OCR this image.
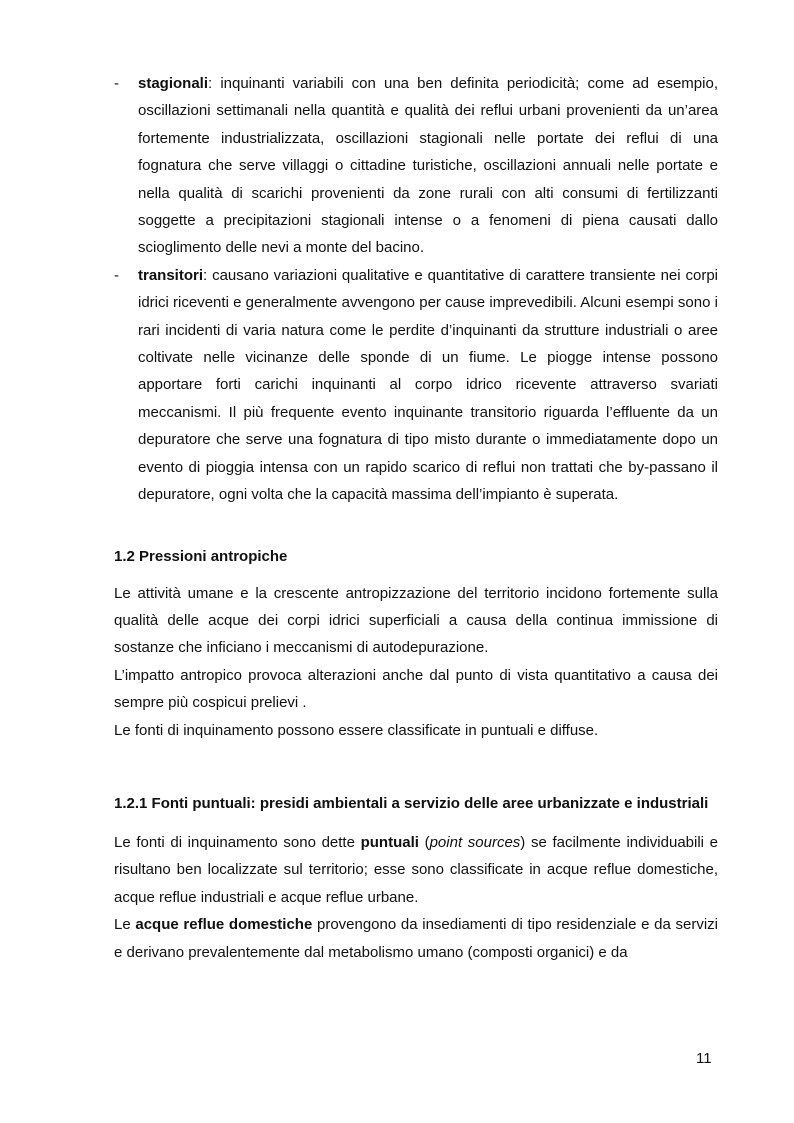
- stagionali: inquinanti variabili con una ben definita periodicità; come ad esempio, oscillazioni settimanali nella quantità e qualità dei reflui urbani provenienti da un’area fortemente industrializzata, oscillazioni stagionali nelle portate dei reflui di una fognatura che serve villaggi o cittadine turistiche, oscillazioni annuali nelle portate e nella qualità di scarichi provenienti da zone rurali con alti consumi di fertilizzanti soggette a precipitazioni stagionali intense o a fenomeni di piena causati dallo scioglimento delle nevi a monte del bacino.

- transitori: causano variazioni qualitative e quantitative di carattere transiente nei corpi idrici riceventi e generalmente avvengono per cause imprevedibili. Alcuni esempi sono i rari incidenti di varia natura come le perdite d’inquinanti da strutture industriali o aree coltivate nelle vicinanze delle sponde di un fiume. Le piogge intense possono apportare forti carichi inquinanti al corpo idrico ricevente attraverso svariati meccanismi. Il più frequente evento inquinante transitorio riguarda l’effluente da un depuratore che serve una fognatura di tipo misto durante o immediatamente dopo un evento di pioggia intensa con un rapido scarico di reflui non trattati che by-passano il depuratore, ogni volta che la capacità massima dell’impianto è superata.

1.2 Pressioni antropiche

Le attività umane e la crescente antropizzazione del territorio incidono fortemente sulla qualità delle acque dei corpi idrici superficiali a causa della continua immissione di sostanze che inficiano i meccanismi di autodepurazione.

L’impatto antropico provoca alterazioni anche dal punto di vista quantitativo a causa dei sempre più cospicui prelievi .

Le fonti di inquinamento possono essere classificate in puntuali e diffuse.

1.2.1 Fonti puntuali: presidi ambientali a servizio delle aree urbanizzate e industriali

Le fonti di inquinamento sono dette puntuali (point sources) se facilmente individuabili e risultano ben localizzate sul territorio; esse sono classificate in acque reflue domestiche, acque reflue industriali e acque reflue urbane.

Le acque reflue domestiche provengono da insediamenti di tipo residenziale e da servizi e derivano prevalentemente dal metabolismo umano (composti organici) e da

11
